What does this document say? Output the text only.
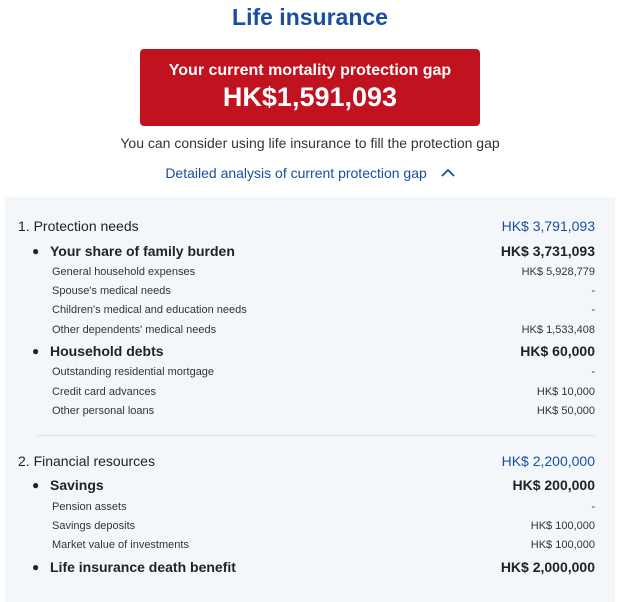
Life insurance
Your current mortality protection gap
HK$1,591,093
You can consider using life insurance to fill the protection gap
Detailed analysis of current protection gap
1. Protection needs	HK$ 3,791,093
● Your share of family burden	HK$ 3,731,093
General household expenses	HK$ 5,928,779
Spouse's medical needs	-
Children's medical and education needs	-
Other dependents' medical needs	HK$ 1,533,408
● Household debts	HK$ 60,000
Outstanding residential mortgage	-
Credit card advances	HK$ 10,000
Other personal loans	HK$ 50,000
2. Financial resources	HK$ 2,200,000
● Savings	HK$ 200,000
Pension assets	-
Savings deposits	HK$ 100,000
Market value of investments	HK$ 100,000
● Life insurance death benefit	HK$ 2,000,000
